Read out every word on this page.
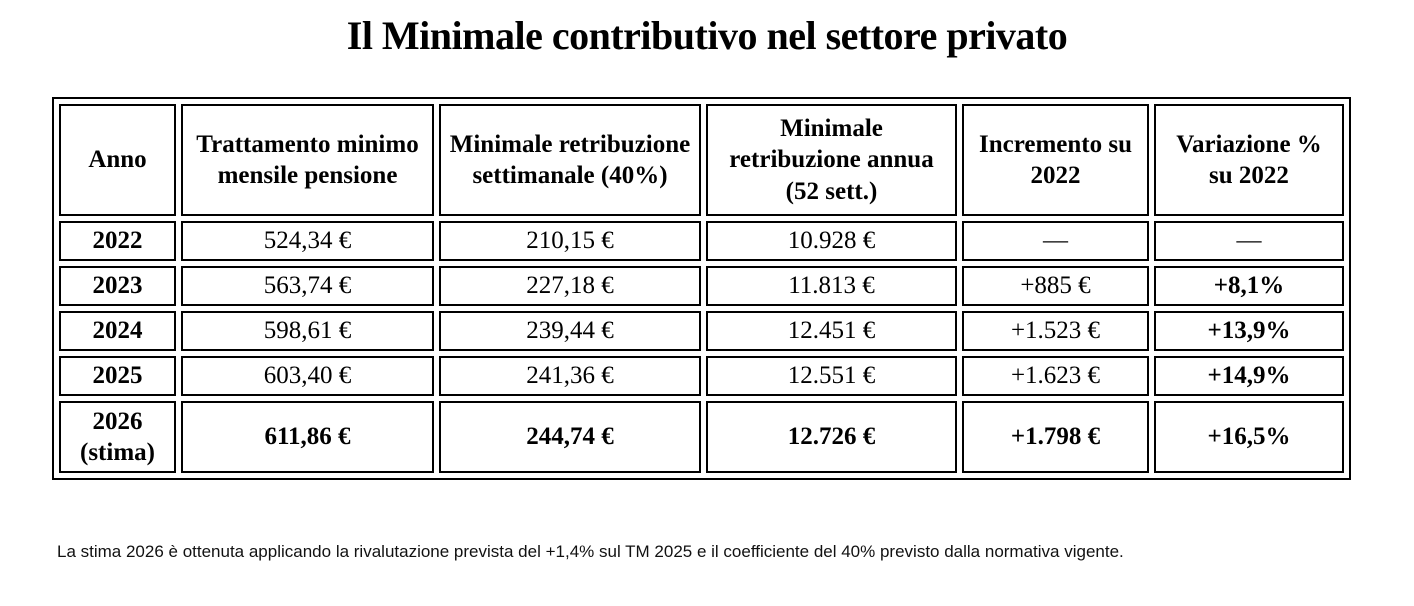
Il Minimale contributivo nel settore privato
Anno	Trattamento minimo mensile pensione	Minimale retribuzione settimanale (40%)	Minimale retribuzione annua (52 sett.)	Incremento su 2022	Variazione % su 2022
2022	524,34 €	210,15 €	10.928 €	—	—
2023	563,74 €	227,18 €	11.813 €	+885 €	+8,1%
2024	598,61 €	239,44 €	12.451 €	+1.523 €	+13,9%
2025	603,40 €	241,36 €	12.551 €	+1.623 €	+14,9%
2026 (stima)	611,86 €	244,74 €	12.726 €	+1.798 €	+16,5%
La stima 2026 è ottenuta applicando la rivalutazione prevista del +1,4% sul TM 2025 e il coefficiente del 40% previsto dalla normativa vigente.
